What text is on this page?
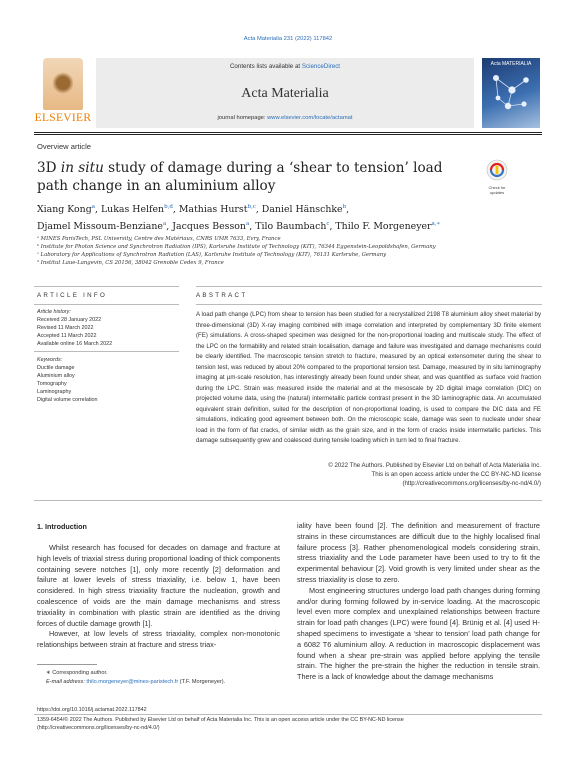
Acta Materialia 231 (2022) 117842
ELSEVIER
Contents lists available at ScienceDirect
Acta Materialia
journal homepage: www.elsevier.com/locate/actamat
Acta MATERIALIA
Overview article
3D in situ study of damage during a ‘shear to tension’ load path change in an aluminium alloy	Check for updates
Xiang Kong$^a$, Lukas Helfen$^{b,d}$, Mathias Hurst$^{b,c}$, Daniel Hänschke$^b$,
Djamel Missoum-Benziane$^a$, Jacques Besson$^a$, Tilo Baumbach$^c$, Thilo F. Morgeneyer$^{a,∗}$
ᵃ MINES ParisTech, PSL University, Centre des Matériaux, CNRS UMR 7633, Evry, France
ᵇ Institute for Photon Science and Synchrotron Radiation (IPS), Karlsruhe Institute of Technology (KIT), 76344 Eggenstein-Leopoldshafen, Germany
ᶜ Laboratory for Applications of Synchrotron Radiation (LAS), Karlsruhe Institute of Technology (KIT), 76131 Karlsruhe, Germany
ᵈ Institut Laue-Langevin, CS 20156, 38042 Grenoble Cedex 9, France
ARTICLE INFO	ABSTRACT
Article history:
Received 28 January 2022
Revised 11 March 2022
Accepted 11 March 2022
Available online 16 March 2022
Keywords:
Ductile damage
Aluminium alloy
Tomography
Laminography
Digital volume correlation
A load path change (LPC) from shear to tension has been studied for a recrystallized 2198 T8 aluminium alloy sheet material by three-dimensional (3D) X-ray imaging combined with image correlation and interpreted by complementary 3D finite element (FE) simulations. A cross-shaped specimen was designed for the non-proportional loading and multiscale study. The effect of the LPC on the formability and related strain localisation, damage and failure was investigated and damage mechanisms could be clearly identified. The macroscopic tension stretch to fracture, measured by an optical extensometer during the shear to tension test, was reduced by about 20% compared to the proportional tension test. Damage, measured by in situ laminography imaging at µm-scale resolution, has interestingly already been found under shear, and was quantified as surface void fraction during the LPC. Strain was measured inside the material and at the mesoscale by 2D digital image correlation (DIC) on projected volume data, using the (natural) intermetallic particle contrast present in the 3D laminographic data. An accumulated equivalent strain definition, suited for the description of non-proportional loading, is used to compare the DIC data and FE simulations, indicating good agreement between both. On the microscopic scale, damage was seen to nucleate under shear load in the form of flat cracks, of similar width as the grain size, and in the form of cracks inside intermetallic particles. This damage subsequently grew and coalesced during tensile loading which in turn led to final fracture.
© 2022 The Authors. Published by Elsevier Ltd on behalf of Acta Materialia Inc.
This is an open access article under the CC BY-NC-ND license
(http://creativecommons.org/licenses/by-nc-nd/4.0/)
1. Introduction

Whilst research has focused for decades on damage and fracture at high levels of triaxial stress during proportional loading of thick components containing severe notches [1], only more recently [2] deformation and failure at lower levels of stress triaxiality, i.e. below 1, have been considered. In high stress triaxiality fracture the nucleation, growth and coalescence of voids are the main damage mechanisms and stress triaxiality in combination with plastic strain are identified as the driving forces of ductile damage growth [1].

However, at low levels of stress triaxiality, complex non-monotonic relationships between strain at fracture and stress triax-

iality have been found [2]. The definition and measurement of fracture strains in these circumstances are difficult due to the highly localised final failure process [3]. Rather phenomenological models considering strain, stress triaxiality and the Lode parameter have been used to try to fit the experimental behaviour [2]. Void growth is very limited under shear as the stress triaxiality is close to zero.

Most engineering structures undergo load path changes during forming and/or during forming followed by in-service loading. At the macroscopic level even more complex and unexplained relationships between fracture strain for load path changes (LPC) were found [4]. Brünig et al. [4] used H-shaped specimens to investigate a ‘shear to tension’ load path change for a 6082 T6 aluminium alloy. A reduction in macroscopic displacement was found when a shear pre-strain was applied before applying the tensile strain. The higher the pre-strain the higher the reduction in tensile strain. There is a lack of knowledge about the damage mechanisms

∗ Corresponding author.
E-mail address: thilo.morgeneyer@mines-paristech.fr (T.F. Morgeneyer).
https://doi.org/10.1016/j.actamat.2022.117842
1359-6454/© 2022 The Authors. Published by Elsevier Ltd on behalf of Acta Materialia Inc. This is an open access article under the CC BY-NC-ND license
(http://creativecommons.org/licenses/by-nc-nd/4.0/)
